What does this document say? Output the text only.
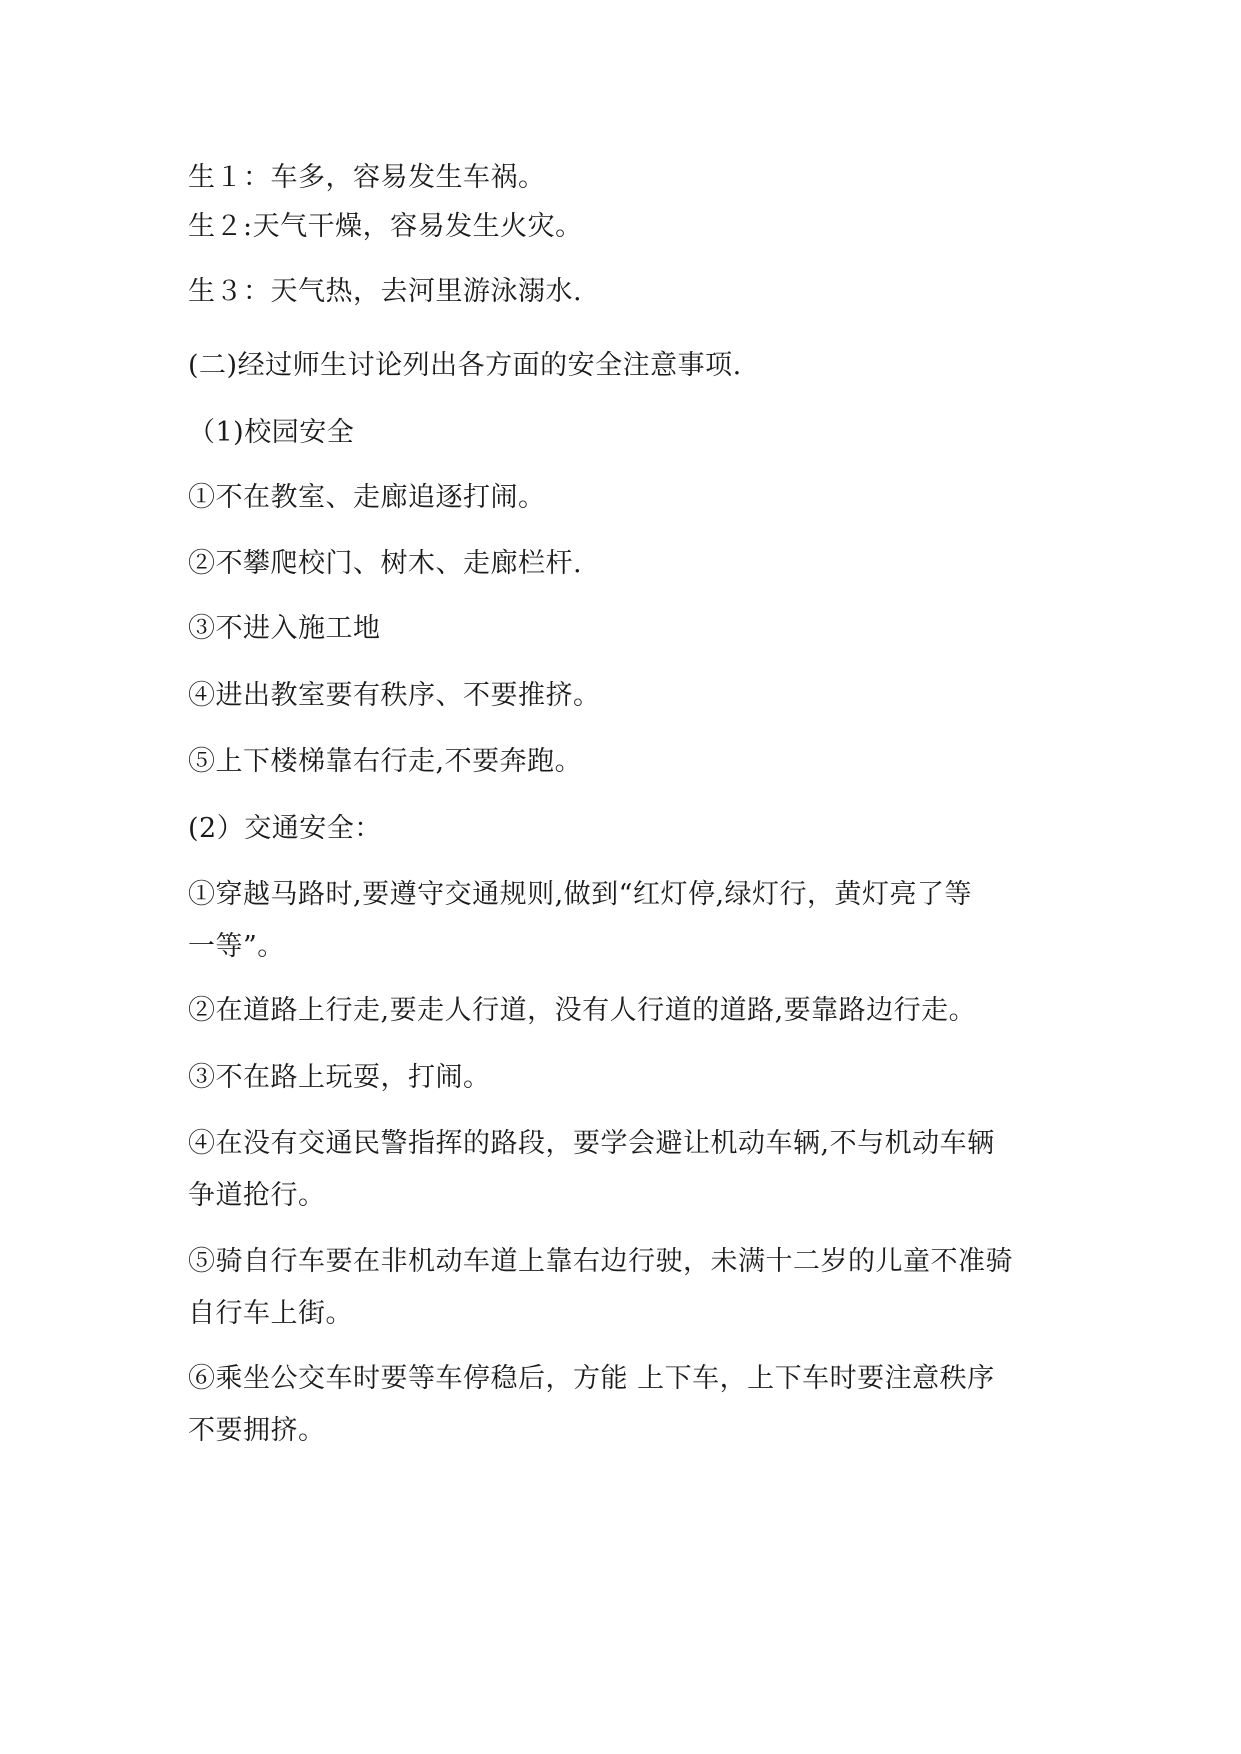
生１：车多，容易发生车祸。
生２:天气干燥，容易发生火灾。
生３：天气热，去河里游泳溺水.
(二)经过师生讨论列出各方面的安全注意事项.
（1)校园安全
①不在教室、走廊追逐打闹。
②不攀爬校门、树木、走廊栏杆.
③不进入施工地
④进出教室要有秩序、不要推挤。
⑤上下楼梯靠右行走,不要奔跑。
(2）交通安全：
①穿越马路时,要遵守交通规则,做到“红灯停,绿灯行，黄灯亮了等
一等”。
②在道路上行走,要走人行道，没有人行道的道路,要靠路边行走。
③不在路上玩耍，打闹。
④在没有交通民警指挥的路段，要学会避让机动车辆,不与机动车辆
争道抢行。
⑤骑自行车要在非机动车道上靠右边行驶，未满十二岁的儿童不准骑
自行车上街。
⑥乘坐公交车时要等车停稳后，方能 上下车，上下车时要注意秩序
不要拥挤。
